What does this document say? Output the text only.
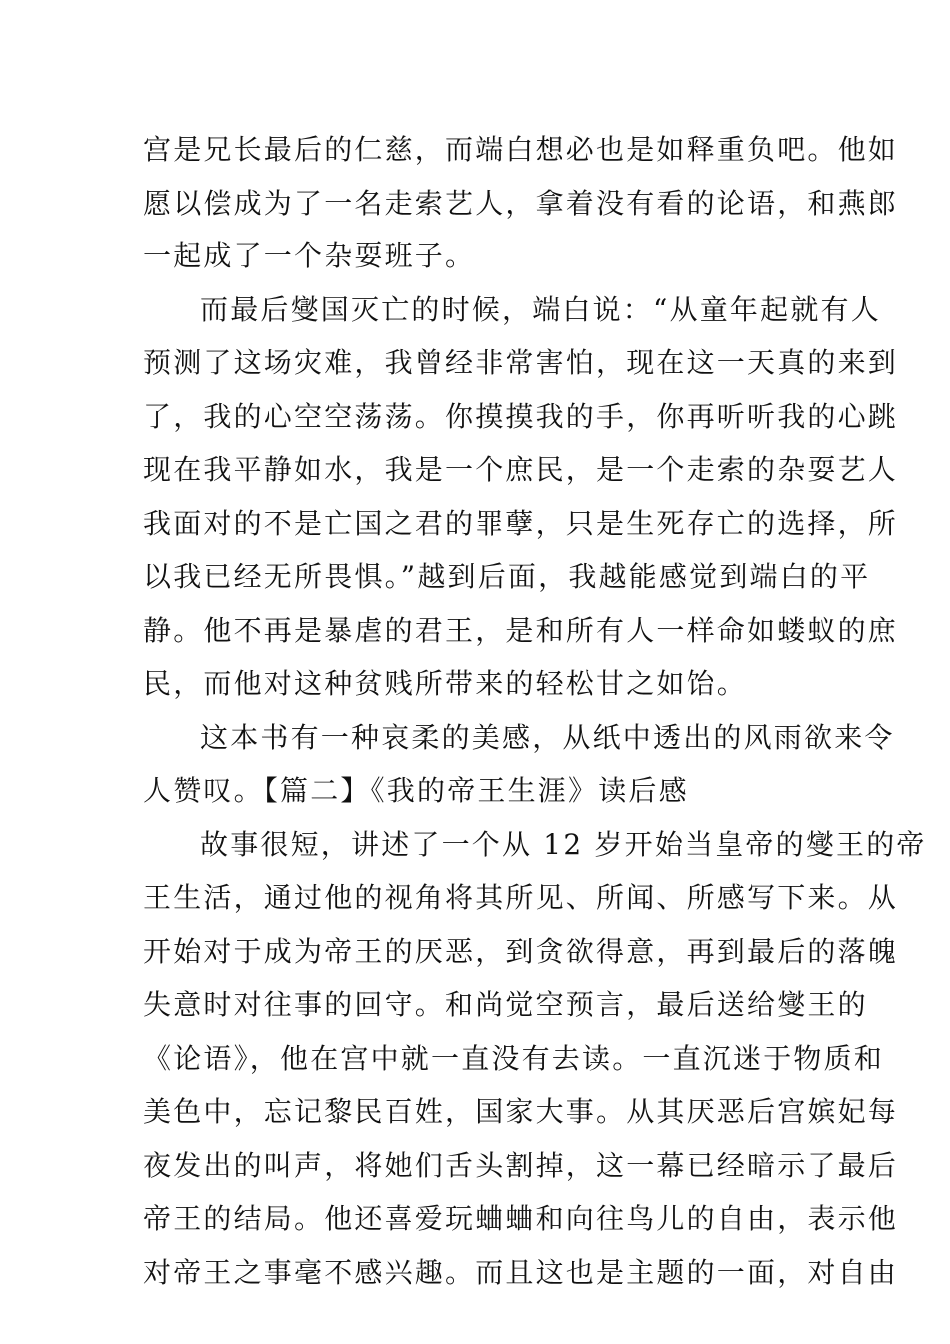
宫是兄长最后的仁慈，而端白想必也是如释重负吧。他如
愿以偿成为了一名走索艺人，拿着没有看的论语，和燕郎
一起成了一个杂耍班子。
而最后燮国灭亡的时候，端白说：“从童年起就有人
预测了这场灾难，我曾经非常害怕，现在这一天真的来到
了，我的心空空荡荡。你摸摸我的手，你再听听我的心跳
现在我平静如水，我是一个庶民，是一个走索的杂耍艺人
我面对的不是亡国之君的罪孽，只是生死存亡的选择，所
以我已经无所畏惧。”越到后面，我越能感觉到端白的平
静。他不再是暴虐的君王，是和所有人一样命如蝼蚁的庶
民，而他对这种贫贱所带来的轻松甘之如饴。
这本书有一种哀柔的美感，从纸中透出的风雨欲来令
人赞叹。【篇二】《我的帝王生涯》读后感
故事很短，讲述了一个从 12 岁开始当皇帝的燮王的帝
王生活，通过他的视角将其所见、所闻、所感写下来。从
开始对于成为帝王的厌恶，到贪欲得意，再到最后的落魄
失意时对往事的回守。和尚觉空预言，最后送给燮王的
《论语》，他在宫中就一直没有去读。一直沉迷于物质和
美色中，忘记黎民百姓，国家大事。从其厌恶后宫嫔妃每
夜发出的叫声，将她们舌头割掉，这一幕已经暗示了最后
帝王的结局。他还喜爱玩蛐蛐和向往鸟儿的自由，表示他
对帝王之事毫不感兴趣。而且这也是主题的一面，对自由
